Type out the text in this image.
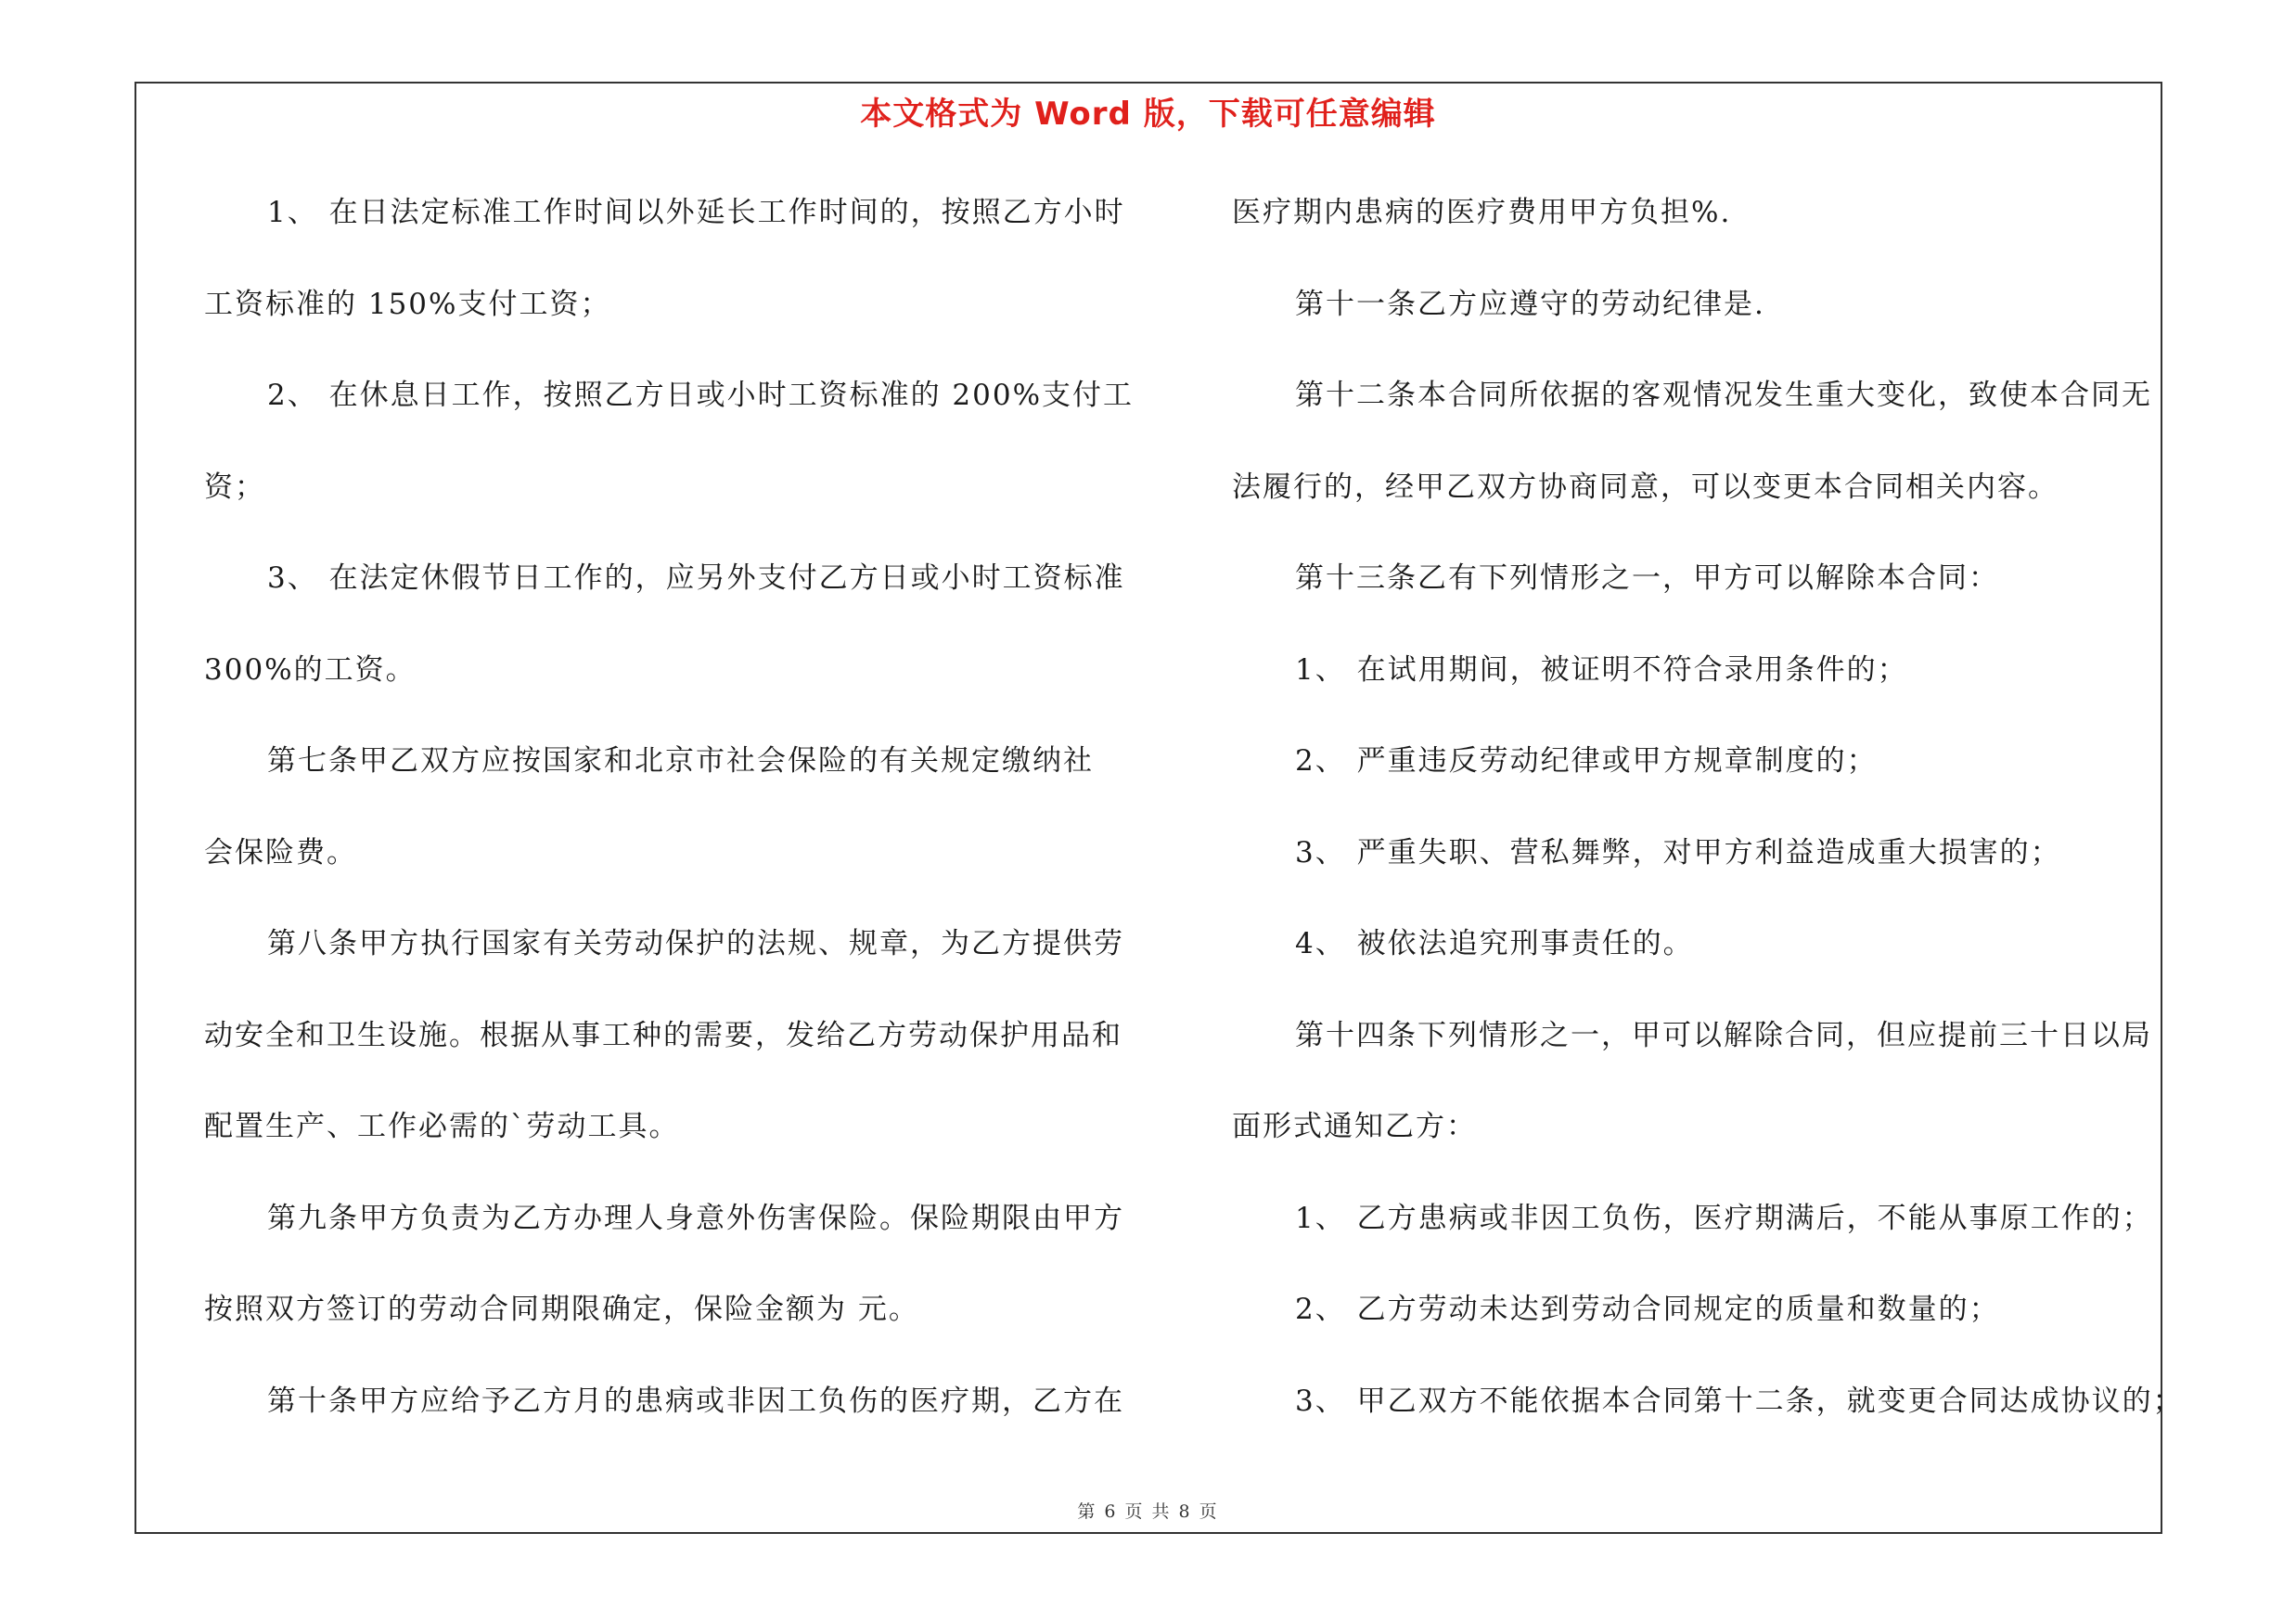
本文格式为 Word 版，下载可任意编辑
1、 在日法定标准工作时间以外延长工作时间的，按照乙方小时
工资标准的 150%支付工资；
2、 在休息日工作，按照乙方日或小时工资标准的 200%支付工
资；
3、 在法定休假节日工作的，应另外支付乙方日或小时工资标准
300%的工资。
第七条甲乙双方应按国家和北京市社会保险的有关规定缴纳社
会保险费。
第八条甲方执行国家有关劳动保护的法规、规章，为乙方提供劳
动安全和卫生设施。根据从事工种的需要，发给乙方劳动保护用品和
配置生产、工作必需的`劳动工具。
第九条甲方负责为乙方办理人身意外伤害保险。保险期限由甲方
按照双方签订的劳动合同期限确定，保险金额为 元。
第十条甲方应给予乙方月的患病或非因工负伤的医疗期，乙方在
医疗期内患病的医疗费用甲方负担%.
第十一条乙方应遵守的劳动纪律是.
第十二条本合同所依据的客观情况发生重大变化，致使本合同无
法履行的，经甲乙双方协商同意，可以变更本合同相关内容。
第十三条乙有下列情形之一，甲方可以解除本合同：
1、 在试用期间，被证明不符合录用条件的；
2、 严重违反劳动纪律或甲方规章制度的；
3、 严重失职、营私舞弊，对甲方利益造成重大损害的；
4、 被依法追究刑事责任的。
第十四条下列情形之一，甲可以解除合同，但应提前三十日以局
面形式通知乙方：
1、 乙方患病或非因工负伤，医疗期满后，不能从事原工作的；
2、 乙方劳动未达到劳动合同规定的质量和数量的；
3、 甲乙双方不能依据本合同第十二条，就变更合同达成协议的；
第 6 页 共 8 页
